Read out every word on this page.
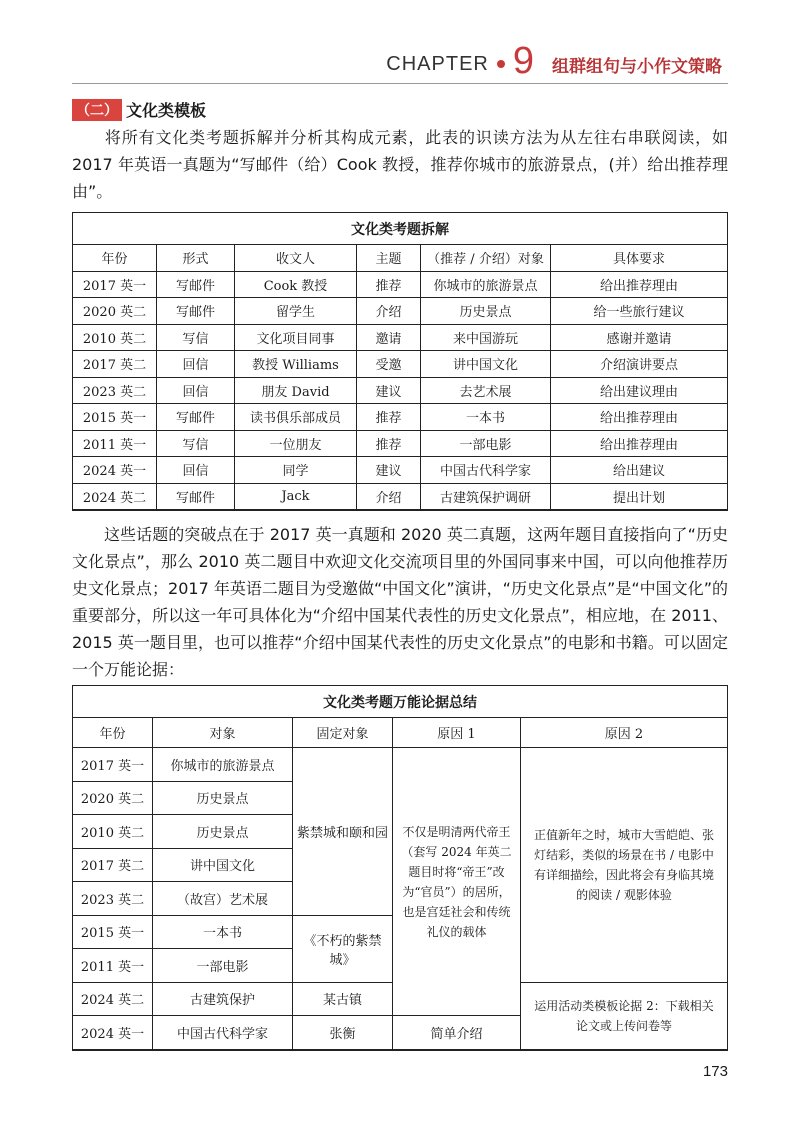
CHAPTER 9 组群组句与小作文策略
（二） 文化类模板
将所有文化类考题拆解并分析其构成元素，此表的识读方法为从左往右串联阅读，如 2017 年英语一真题为“写邮件（给）Cook 教授，推荐你城市的旅游景点，(并）给出推荐理由”。
文化类考题拆解					
年份	形式	收文人	主题	（推荐 / 介绍）对象	具体要求
2017 英一	写邮件	Cook 教授	推荐	你城市的旅游景点	给出推荐理由
2020 英二	写邮件	留学生	介绍	历史景点	给一些旅行建议
2010 英二	写信	文化项目同事	邀请	来中国游玩	感谢并邀请
2017 英二	回信	教授 Williams	受邀	讲中国文化	介绍演讲要点
2023 英二	回信	朋友 David	建议	去艺术展	给出建议理由
2015 英一	写邮件	读书俱乐部成员	推荐	一本书	给出推荐理由
2011 英一	写信	一位朋友	推荐	一部电影	给出推荐理由
2024 英一	回信	同学	建议	中国古代科学家	给出建议
2024 英二	写邮件	Jack	介绍	古建筑保护调研	提出计划
这些话题的突破点在于 2017 英一真题和 2020 英二真题，这两年题目直接指向了“历史文化景点”，那么 2010 英二题目中欢迎文化交流项目里的外国同事来中国，可以向他推荐历史文化景点；2017 年英语二题目为受邀做“中国文化”演讲，“历史文化景点”是“中国文化”的重要部分，所以这一年可具体化为“介绍中国某代表性的历史文化景点”，相应地，在 2011、2015 英一题目里，也可以推荐“介绍中国某代表性的历史文化景点”的电影和书籍。可以固定一个万能论据：
文化类考题万能论据总结				
年份	对象	固定对象	原因 1	原因 2
2017 英一	你城市的旅游景点	紫禁城和颐和园	不仅是明清两代帝王（套写 2024 年英二题目时将“帝王”改为“官员”）的居所，也是宫廷社会和传统礼仪的载体	正值新年之时，城市大雪皑皑、张灯结彩，类似的场景在书 / 电影中有详细描绘，因此将会有身临其境的阅读 / 观影体验
2020 英二	历史景点			
2010 英二	历史景点			
2017 英二	讲中国文化			
2023 英二	（故宫）艺术展			
2015 英一	一本书	《不朽的紫禁城》		
2011 英一	一部电影			
2024 英二	古建筑保护	某古镇		运用活动类模板论据 2：下载相关论文或上传问卷等
2024 英一	中国古代科学家	张衡	简单介绍	
173
